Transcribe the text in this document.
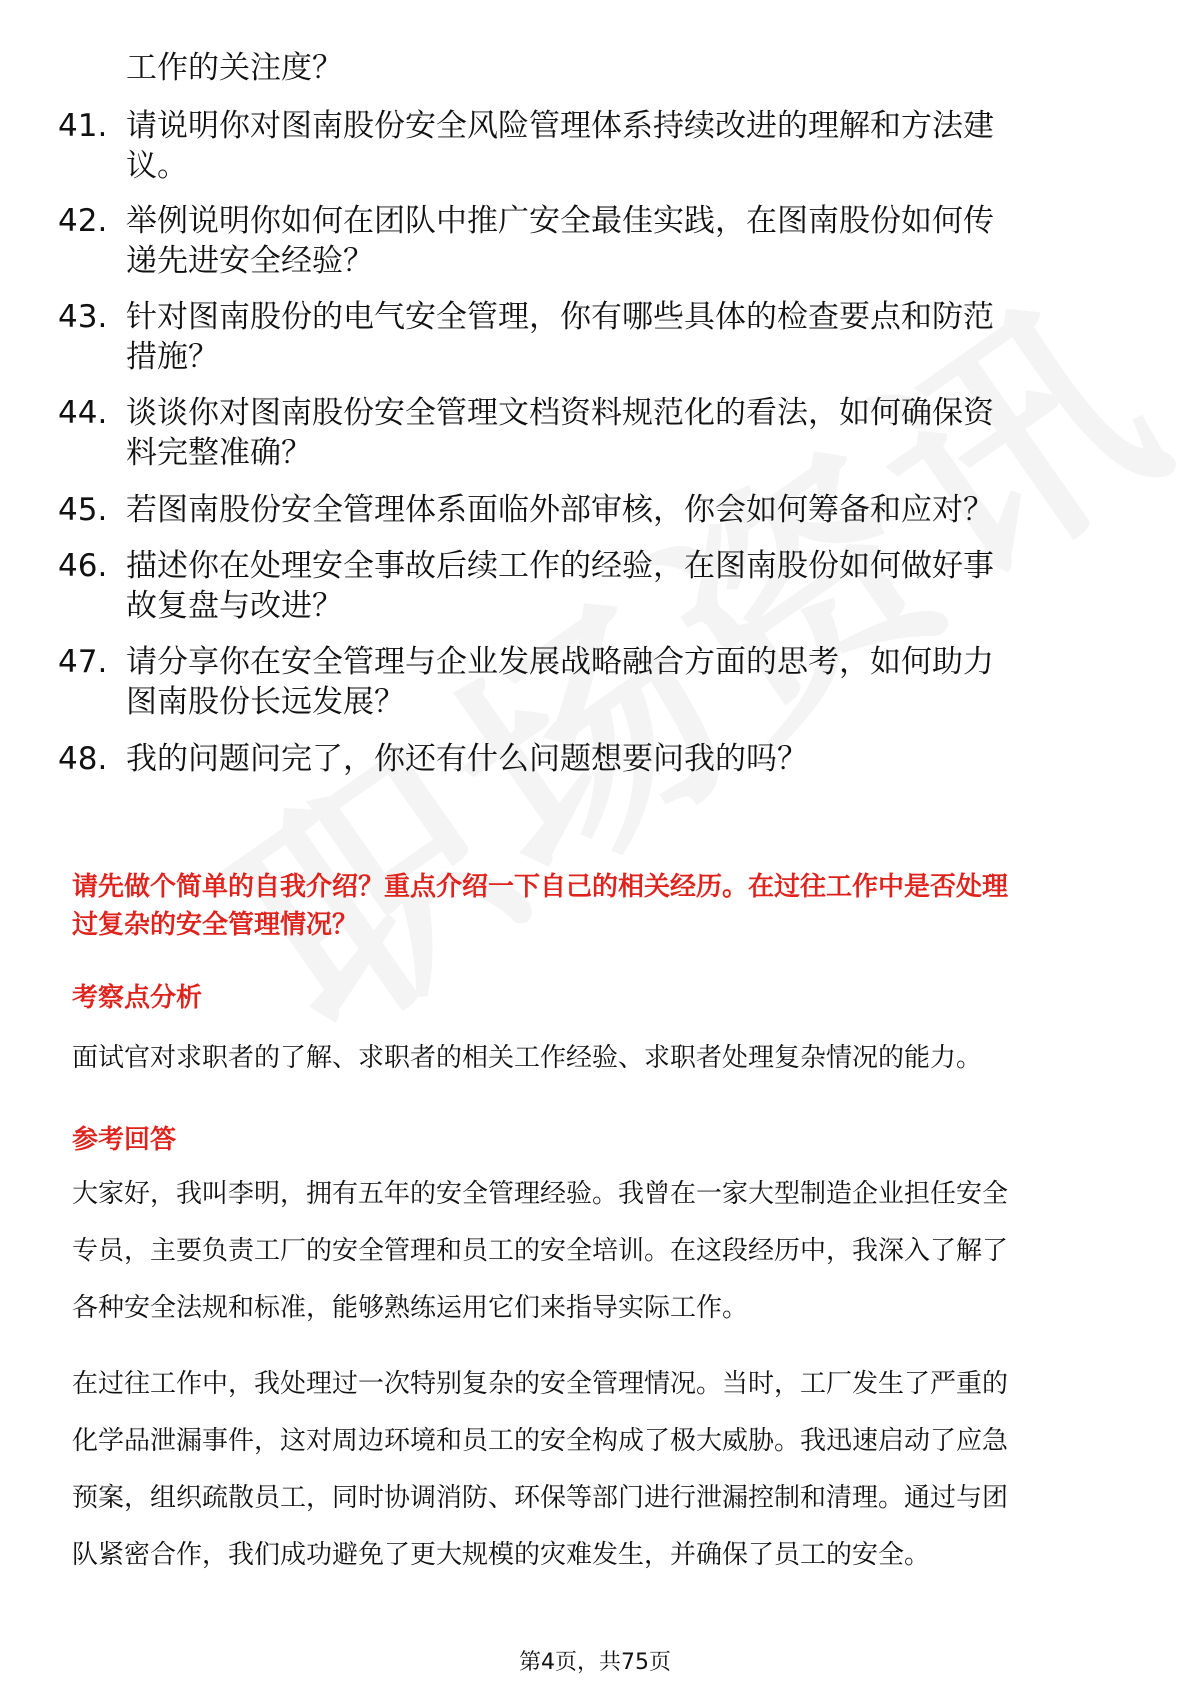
工作的关注度？
41. 请说明你对图南股份安全风险管理体系持续改进的理解和方法建
议。
42. 举例说明你如何在团队中推广安全最佳实践，在图南股份如何传
递先进安全经验？
43. 针对图南股份的电气安全管理，你有哪些具体的检查要点和防范
措施？
44. 谈谈你对图南股份安全管理文档资料规范化的看法，如何确保资
料完整准确？
45. 若图南股份安全管理体系面临外部审核，你会如何筹备和应对？
46. 描述你在处理安全事故后续工作的经验，在图南股份如何做好事
故复盘与改进？
47. 请分享你在安全管理与企业发展战略融合方面的思考，如何助力
图南股份长远发展？
48. 我的问题问完了，你还有什么问题想要问我的吗？
请先做个简单的自我介绍？重点介绍一下自己的相关经历。在过往工作中是否处理
过复杂的安全管理情况？
考察点分析
面试官对求职者的了解、求职者的相关工作经验、求职者处理复杂情况的能力。
参考回答
大家好，我叫李明，拥有五年的安全管理经验。我曾在一家大型制造企业担任安全
专员，主要负责工厂的安全管理和员工的安全培训。在这段经历中，我深入了解了
各种安全法规和标准，能够熟练运用它们来指导实际工作。
在过往工作中，我处理过一次特别复杂的安全管理情况。当时，工厂发生了严重的
化学品泄漏事件，这对周边环境和员工的安全构成了极大威胁。我迅速启动了应急
预案，组织疏散员工，同时协调消防、环保等部门进行泄漏控制和清理。通过与团
队紧密合作，我们成功避免了更大规模的灾难发生，并确保了员工的安全。
第4页，共75页
